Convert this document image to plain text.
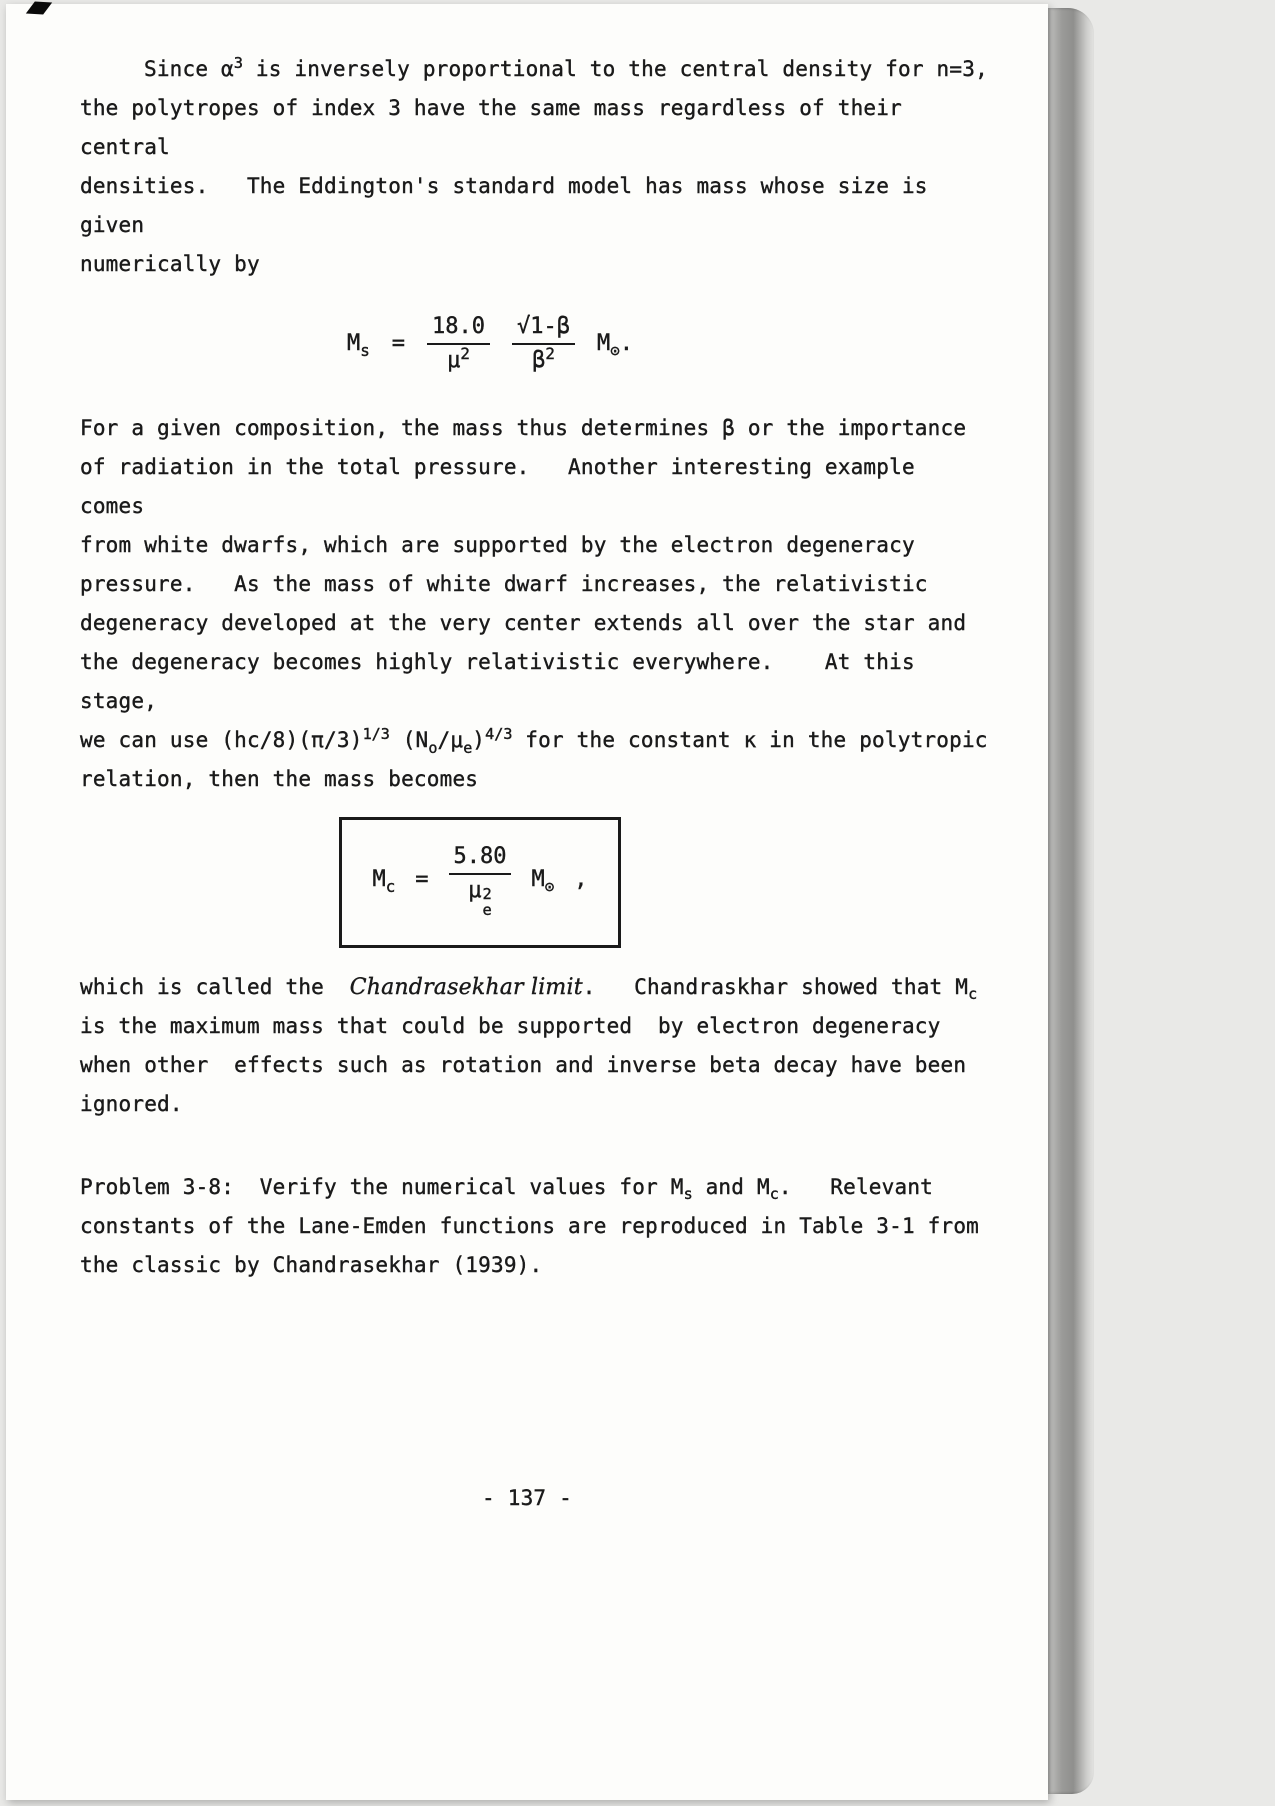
Since $\alpha^3$ is inversely proportional to the central density for n=3,
the polytropes of index 3 have the same mass regardless of their central
densities.   The Eddington's standard model has mass whose size is given
numerically by

$M_s = \frac{18.0}{\mu^2} \frac{√1-\beta}{\beta^2} M_⊙$.

For a given composition, the mass thus determines β or the importance
of radiation in the total pressure.   Another interesting example comes
from white dwarfs, which are supported by the electron degeneracy
pressure.   As the mass of white dwarf increases, the relativistic
degeneracy developed at the very center extends all over the star and
the degeneracy becomes highly relativistic everywhere.    At this stage,
we can use $(hc/8)(\pi/3)^{1/3}$ $(N_o/\mu_e)^{4/3}$ for the constant κ in the polytropic
relation, then the mass becomes

$M_c = 5.80$
μ 2
e $M_⊙$ ,

which is called the  Chandrasekhar limit.   Chandraskhar showed that $M_c$
is the maximum mass that could be supported  by electron degeneracy
when other  effects such as rotation and inverse beta decay have been
ignored.

Problem 3-8:  Verify the numerical values for $M_s$ and $M_c$.   Relevant
constants of the Lane-Emden functions are reproduced in Table 3-1 from
the classic by Chandrasekhar (1939).

- 137 -
